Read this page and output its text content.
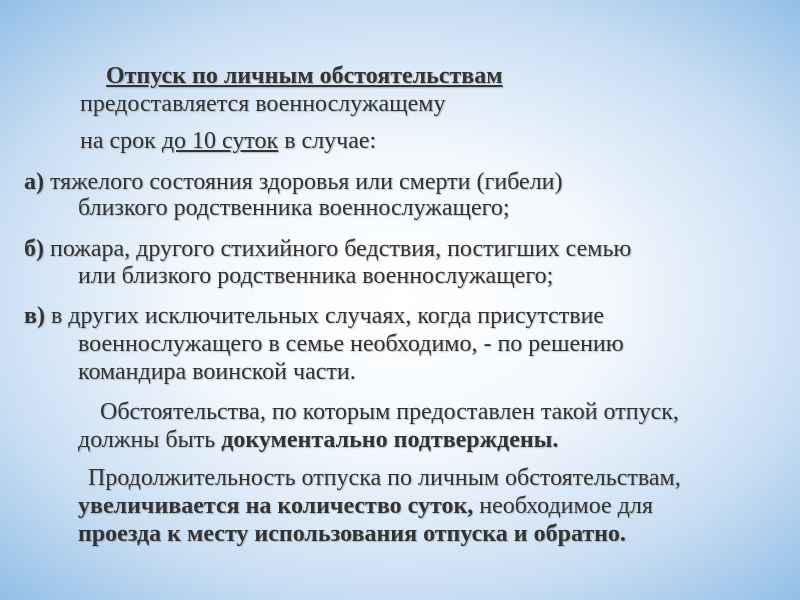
Отпуск по личным обстоятельствам
предоставляется военнослужащему
на срок до 10 суток в случае:
а) тяжелого состояния здоровья или смерти (гибели)
близкого родственника военнослужащего;
б) пожара, другого стихийного бедствия, постигших семью
или близкого родственника военнослужащего;
в) в других исключительных случаях, когда присутствие
военнослужащего в семье необходимо, - по решению
командира воинской части.
Обстоятельства, по которым предоставлен такой отпуск,
должны быть документально подтверждены.
Продолжительность отпуска по личным обстоятельствам,
увеличивается на количество суток, необходимое для
проезда к месту использования отпуска и обратно.
